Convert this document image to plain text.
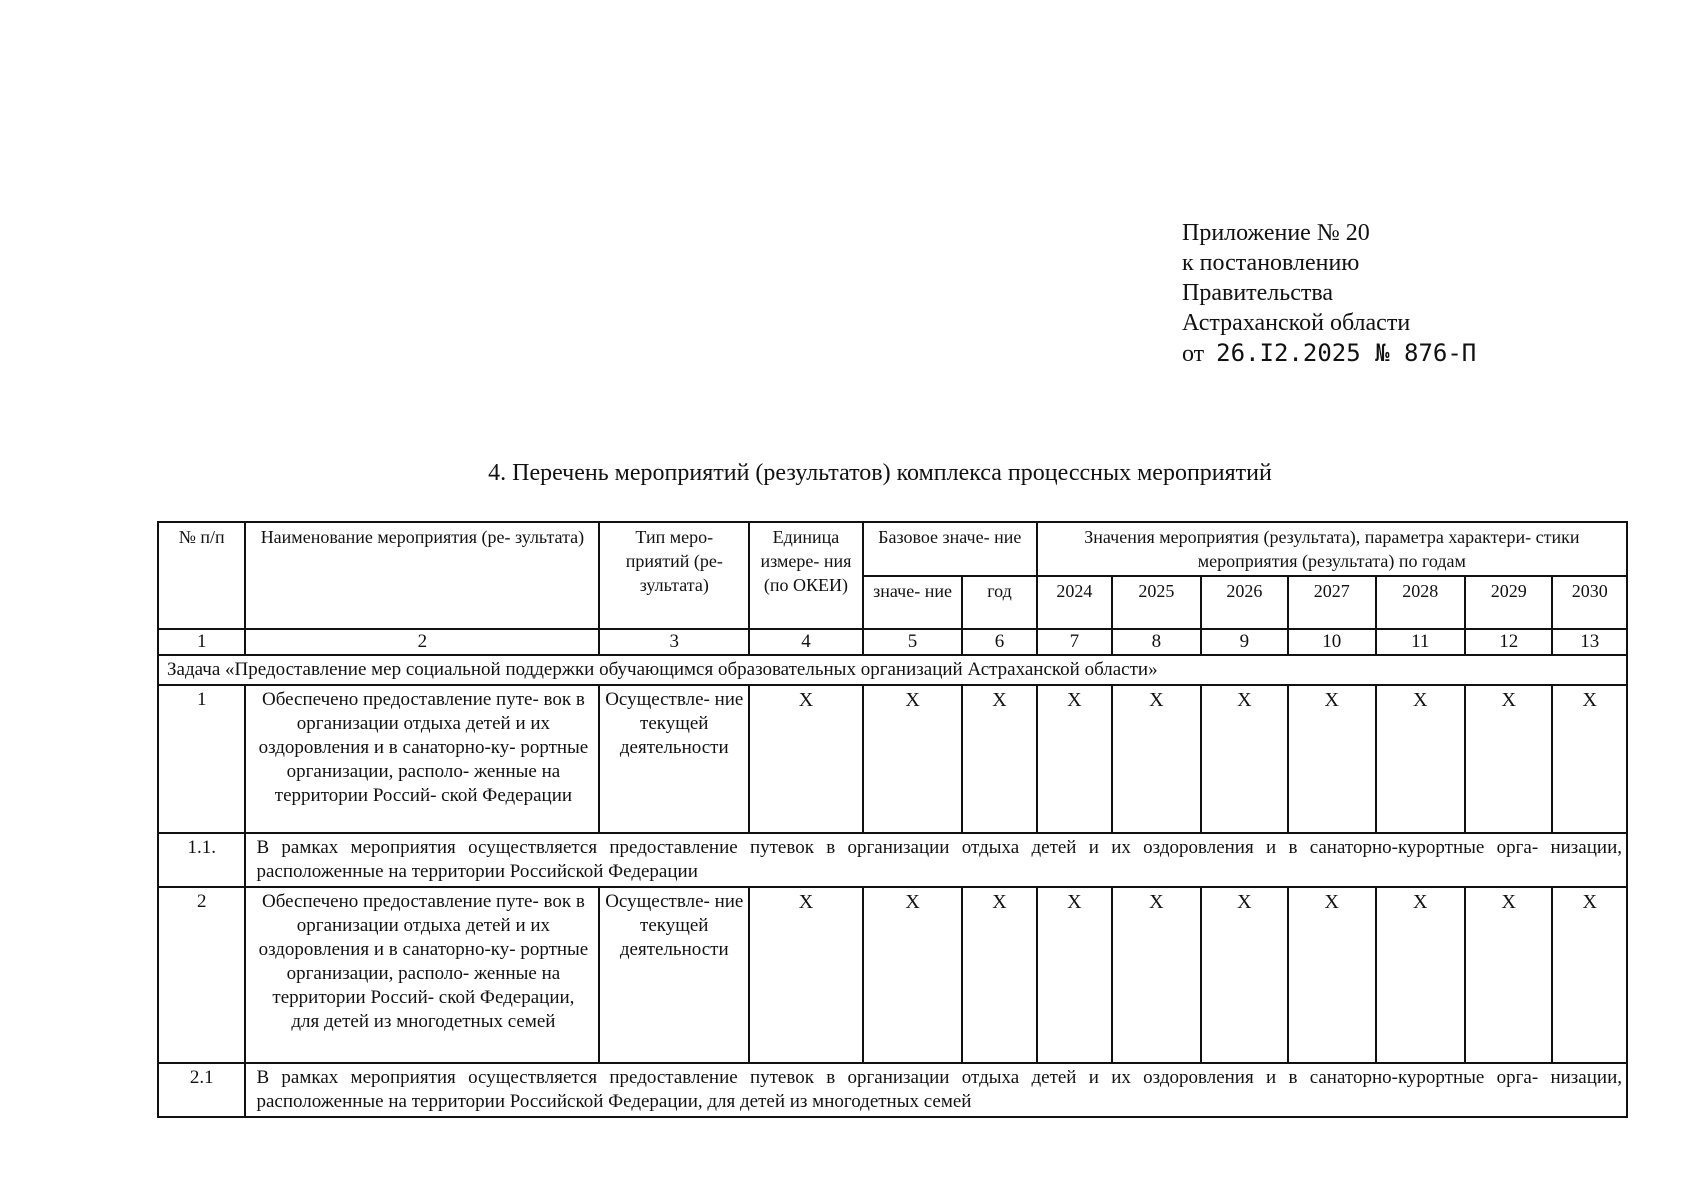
Приложение № 20
к постановлению
Правительства
Астраханской области
от 26.I2.2025 № 876-П
4. Перечень мероприятий (результатов) комплекса процессных мероприятий
№ п/п	Наименование мероприятия (ре- зультата)	Тип меро- приятий (ре- зультата)	Единица измере- ния (по ОКЕИ)	Базовое значе- ние		Значения мероприятия (результата), параметра характери- стики мероприятия (результата) по годам						
				значе- ние	год	2024	2025	2026	2027	2028	2029	2030
1	2	3	4	5	6	7	8	9	10	11	12	13
Задача «Предоставление мер социальной поддержки обучающимся образовательных организаций Астраханской области»												
1	Обеспечено предоставление путе- вок в организации отдыха детей и их оздоровления и в санаторно-ку- рортные организации, располо- женные на территории Россий- ской Федерации	Осуществле- ние текущей деятельности	X	X	X	X	X	X	X	X	X	X
1.1.	В рамках мероприятия осуществляется предоставление путевок в организации отдыха детей и их оздоровления и в санаторно-курортные орга- низации, расположенные на территории Российской Федерации											
2	Обеспечено предоставление путе- вок в организации отдыха детей и их оздоровления и в санаторно-ку- рортные организации, располо- женные на территории Россий- ской Федерации, для детей из многодетных семей	Осуществле- ние текущей деятельности	X	X	X	X	X	X	X	X	X	X
2.1	В рамках мероприятия осуществляется предоставление путевок в организации отдыха детей и их оздоровления и в санаторно-курортные орга- низации, расположенные на территории Российской Федерации, для детей из многодетных семей											
